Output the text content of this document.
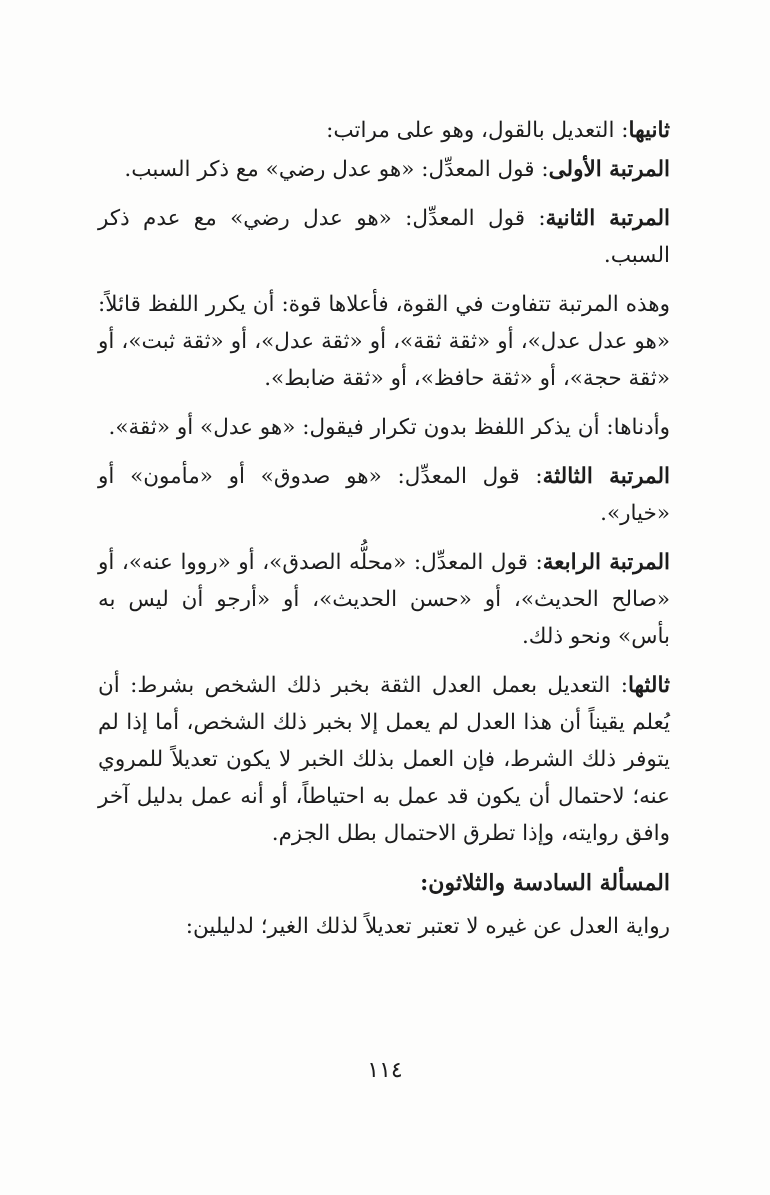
ثانيها: التعديل بالقول، وهو على مراتب:

المرتبة الأولى: قول المعدِّل: «هو عدل رضي» مع ذكر السبب.

المرتبة الثانية: قول المعدِّل: «هو عدل رضي» مع عدم ذكر السبب.

وهذه المرتبة تتفاوت في القوة، فأعلاها قوة: أن يكرر اللفظ قائلاً: «هو عدل عدل»، أو «ثقة ثقة»، أو «ثقة عدل»، أو «ثقة ثبت»، أو «ثقة حجة»، أو «ثقة حافظ»، أو «ثقة ضابط».

وأدناها: أن يذكر اللفظ بدون تكرار فيقول: «هو عدل» أو «ثقة».

المرتبة الثالثة: قول المعدِّل: «هو صدوق» أو «مأمون» أو «خيار».

المرتبة الرابعة: قول المعدِّل: «محلُّه الصدق»، أو «رووا عنه»، أو «صالح الحديث»، أو «حسن الحديث»، أو «أرجو أن ليس به بأس» ونحو ذلك.

ثالثها: التعديل بعمل العدل الثقة بخبر ذلك الشخص بشرط: أن يُعلم يقيناً أن هذا العدل لم يعمل إلا بخبر ذلك الشخص، أما إذا لم يتوفر ذلك الشرط، فإن العمل بذلك الخبر لا يكون تعديلاً للمروي عنه؛ لاحتمال أن يكون قد عمل به احتياطاً، أو أنه عمل بدليل آخر وافق روايته، وإذا تطرق الاحتمال بطل الجزم.

المسألة السادسة والثلاثون:

رواية العدل عن غيره لا تعتبر تعديلاً لذلك الغير؛ لدليلين:

١١٤
